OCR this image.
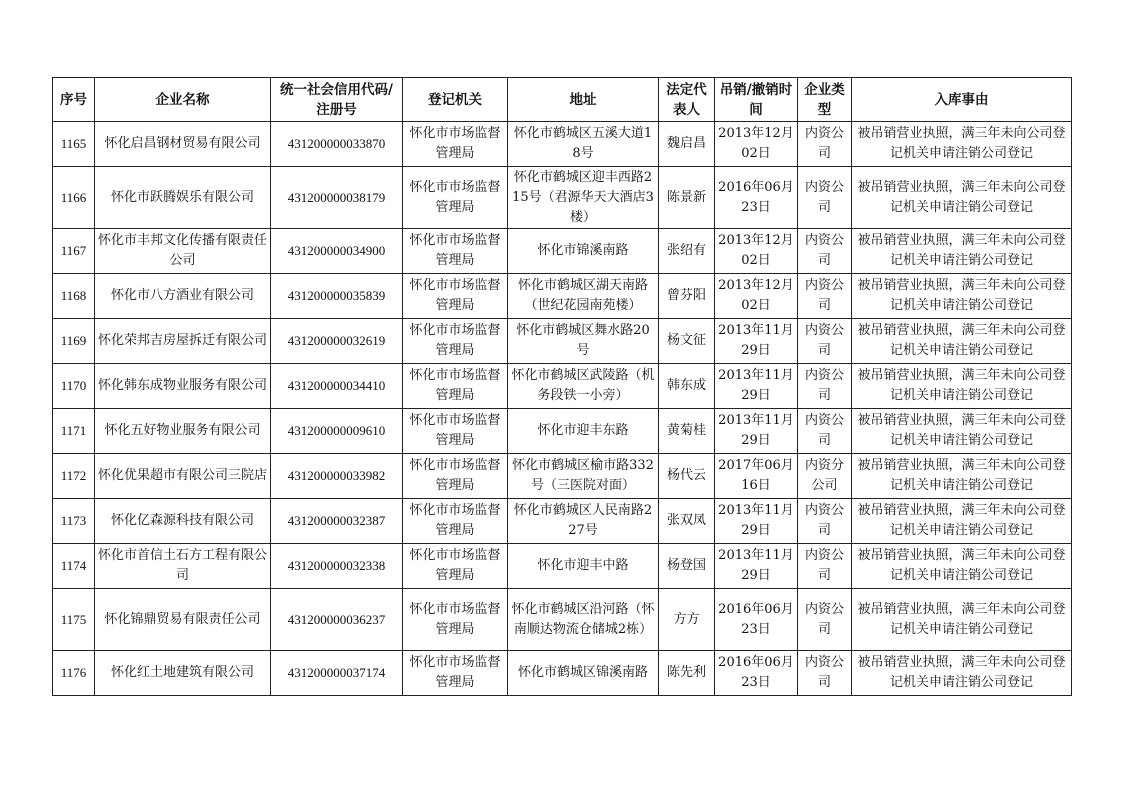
序号	企业名称	统一社会信用代码/注册号	登记机关	地址	法定代表人	吊销/撤销时间	企业类型	入库事由
1165	怀化启昌钢材贸易有限公司	431200000033870	怀化市市场监督管理局	怀化市鹤城区五溪大道18号	魏启昌	2013年12月02日	内资公司	被吊销营业执照，满三年未向公司登记机关申请注销公司登记
1166	怀化市跃腾娱乐有限公司	431200000038179	怀化市市场监督管理局	怀化市鹤城区迎丰西路215号（君源华天大酒店3楼）	陈景新	2016年06月23日	内资公司	被吊销营业执照，满三年未向公司登记机关申请注销公司登记
1167	怀化市丰邦文化传播有限责任公司	431200000034900	怀化市市场监督管理局	怀化市锦溪南路	张绍有	2013年12月02日	内资公司	被吊销营业执照，满三年未向公司登记机关申请注销公司登记
1168	怀化市八方酒业有限公司	431200000035839	怀化市市场监督管理局	怀化市鹤城区湖天南路（世纪花园南苑楼）	曾芬阳	2013年12月02日	内资公司	被吊销营业执照，满三年未向公司登记机关申请注销公司登记
1169	怀化荣邦吉房屋拆迁有限公司	431200000032619	怀化市市场监督管理局	怀化市鹤城区舞水路20号	杨文征	2013年11月29日	内资公司	被吊销营业执照，满三年未向公司登记机关申请注销公司登记
1170	怀化韩东成物业服务有限公司	431200000034410	怀化市市场监督管理局	怀化市鹤城区武陵路（机务段铁一小旁）	韩东成	2013年11月29日	内资公司	被吊销营业执照，满三年未向公司登记机关申请注销公司登记
1171	怀化五好物业服务有限公司	431200000009610	怀化市市场监督管理局	怀化市迎丰东路	黄菊桂	2013年11月29日	内资公司	被吊销营业执照，满三年未向公司登记机关申请注销公司登记
1172	怀化优果超市有限公司三院店	431200000033982	怀化市市场监督管理局	怀化市鹤城区榆市路332号（三医院对面）	杨代云	2017年06月16日	内资分公司	被吊销营业执照，满三年未向公司登记机关申请注销公司登记
1173	怀化亿森源科技有限公司	431200000032387	怀化市市场监督管理局	怀化市鹤城区人民南路227号	张双凤	2013年11月29日	内资公司	被吊销营业执照，满三年未向公司登记机关申请注销公司登记
1174	怀化市首信土石方工程有限公司	431200000032338	怀化市市场监督管理局	怀化市迎丰中路	杨登国	2013年11月29日	内资公司	被吊销营业执照，满三年未向公司登记机关申请注销公司登记
1175	怀化锦鼎贸易有限责任公司	431200000036237	怀化市市场监督管理局	怀化市鹤城区沿河路（怀南顺达物流仓储城2栋）	方方	2016年06月23日	内资公司	被吊销营业执照，满三年未向公司登记机关申请注销公司登记
1176	怀化红土地建筑有限公司	431200000037174	怀化市市场监督管理局	怀化市鹤城区锦溪南路	陈先利	2016年06月23日	内资公司	被吊销营业执照，满三年未向公司登记机关申请注销公司登记
